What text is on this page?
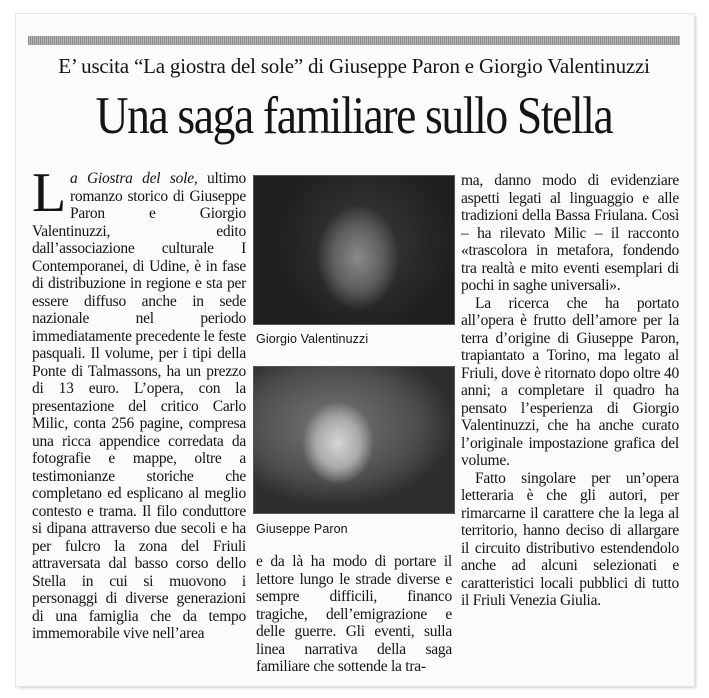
E’ uscita “La giostra del sole” di Giuseppe Paron e Giorgio Valentinuzzi
Una saga familiare sullo Stella

La Giostra del sole, ultimo romanzo storico di Giuseppe Paron e Giorgio Valentinuzzi, edito dall’associazione culturale I Contemporanei, di Udine, è in fase di distribuzione in regione e sta per essere diffuso anche in sede nazionale nel periodo immediatamente precedente le feste pasquali. Il volume, per i tipi della Ponte di Talmassons, ha un prezzo di 13 euro. L’opera, con la presentazione del critico Carlo Milic, conta 256 pagine, compresa una ricca appendice corredata da fotografie e mappe, oltre a testimonianze storiche che completano ed esplicano al meglio contesto e trama. Il filo conduttore si dipana attraverso due secoli e ha per fulcro la zona del Friuli attraversata dal basso corso dello Stella in cui si muovono i personaggi di diverse generazioni di una famiglia che da tempo immemorabile vive nell’area

Giorgio Valentinuzzi
Giuseppe Paron

e da là ha modo di portare il lettore lungo le strade diverse e sempre difficili, financo tragiche, dell’emigrazione e delle guerre. Gli eventi, sulla linea narrativa della saga familiare che sottende la tra-

ma, danno modo di evidenziare aspetti legati al linguaggio e alle tradizioni della Bassa Friulana. Così – ha rilevato Milic – il racconto «trascolora in metafora, fondendo tra realtà e mito eventi esemplari di pochi in saghe universali».

La ricerca che ha portato all’opera è frutto dell’amore per la terra d’origine di Giuseppe Paron, trapiantato a Torino, ma legato al Friuli, dove è ritornato dopo oltre 40 anni; a completare il quadro ha pensato l’esperienza di Giorgio Valentinuzzi, che ha anche curato l’originale impostazione grafica del volume.

Fatto singolare per un’opera letteraria è che gli autori, per rimarcarne il carattere che la lega al territorio, hanno deciso di allargare il circuito distributivo estendendolo anche ad alcuni selezionati e caratteristici locali pubblici di tutto il Friuli Venezia Giulia.
